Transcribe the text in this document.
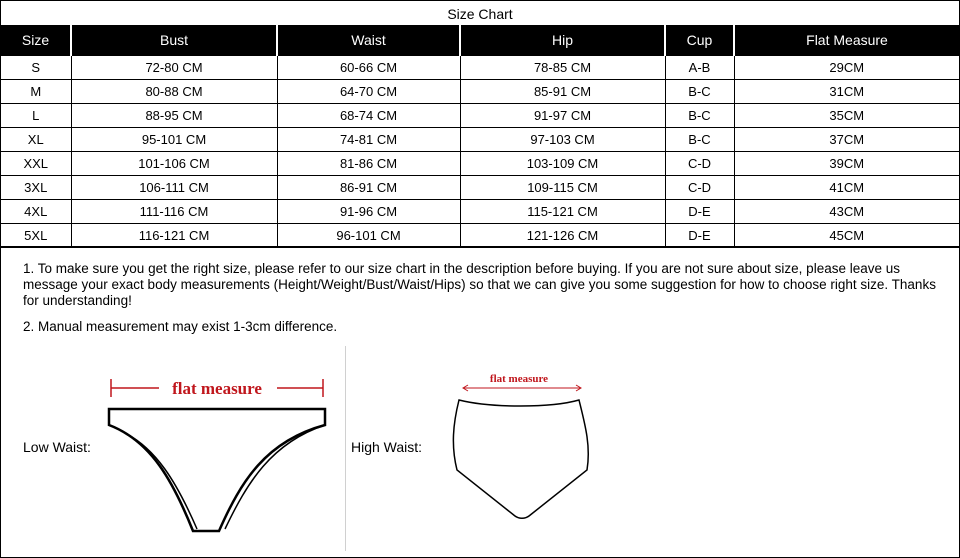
Size Chart
Size	Bust	Waist	Hip	Cup	Flat Measure
S	72-80 CM	60-66 CM	78-85 CM	A-B	29CM
M	80-88 CM	64-70 CM	85-91 CM	B-C	31CM
L	88-95 CM	68-74 CM	91-97 CM	B-C	35CM
XL	95-101 CM	74-81 CM	97-103 CM	B-C	37CM
XXL	101-106 CM	81-86 CM	103-109 CM	C-D	39CM
3XL	106-111 CM	86-91 CM	109-115 CM	C-D	41CM
4XL	111-116 CM	91-96 CM	115-121 CM	D-E	43CM
5XL	116-121 CM	96-101 CM	121-126 CM	D-E	45CM

1. To make sure you get the right size, please refer to our size chart in the description before buying. If you are not sure about size, please leave us message your exact body measurements (Height/Weight/Bust/Waist/Hips) so that we can give you some suggestion for how to choose right size. Thanks for understanding!

2. Manual measurement may exist 1-3cm difference.

Low Waist:	High Waist:
flat measure	flat measure
